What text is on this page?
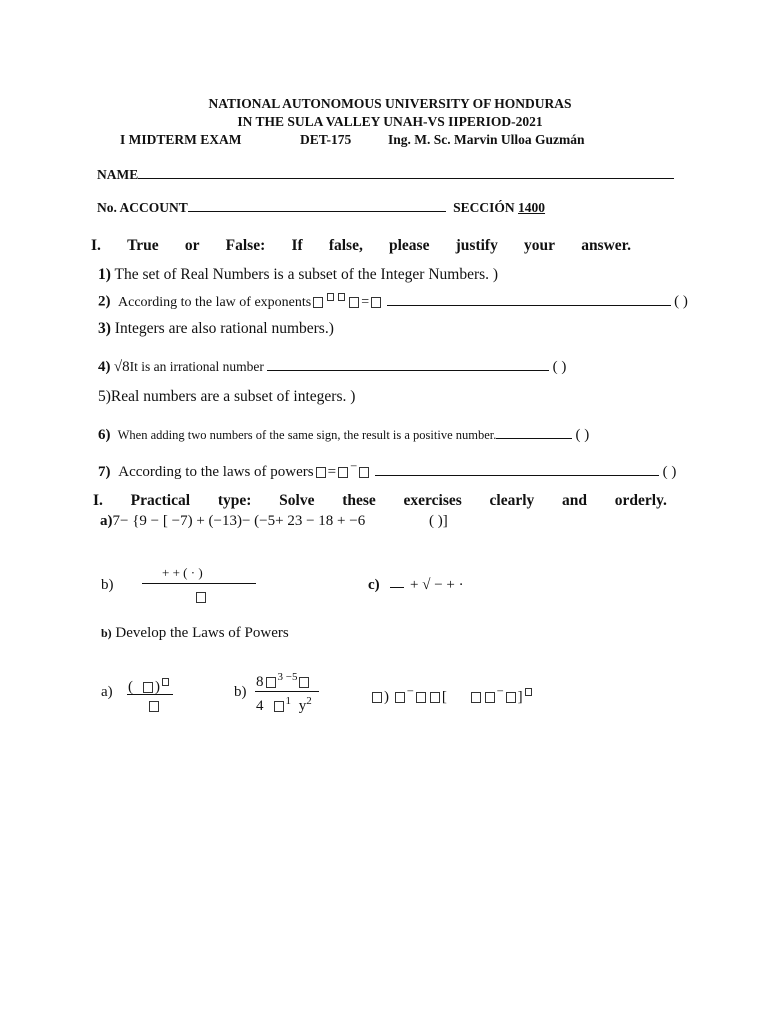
NATIONAL AUTONOMOUS UNIVERSITY OF HONDURAS
IN THE SULA VALLEY UNAH-VS IIPERIOD-2021
I MIDTERM EXAM	DET-175	Ing. M. Sc. Marvin Ulloa Guzmán
NAME
No. ACCOUNT	SECCIÓN 1400
I. True or False: If false, please justify your answer.
1) The set of Real Numbers is a subset of the Integer Numbers. )
2) According to the law of exponents	=	( )
3) Integers are also rational numbers.)
4) √8It is an irrational number	( )
5)Real numbers are a subset of integers. )
6) When adding two numbers of the same sign, the result is a positive number.	( )
7) According to the laws of powers = −	( )
I. Practical type: Solve these exercises clearly and orderly.
a)7− {9 − [ −7) + (−13)− (−5+ 23 − 18 + −6	( )]
b)
+ + ( · )
c) + √ − + ·
b) Develop the Laws of Powers
a) ( )	b)
8 $^{3 -5}$
4 $^1$ $y^2$	) − [	− ]
